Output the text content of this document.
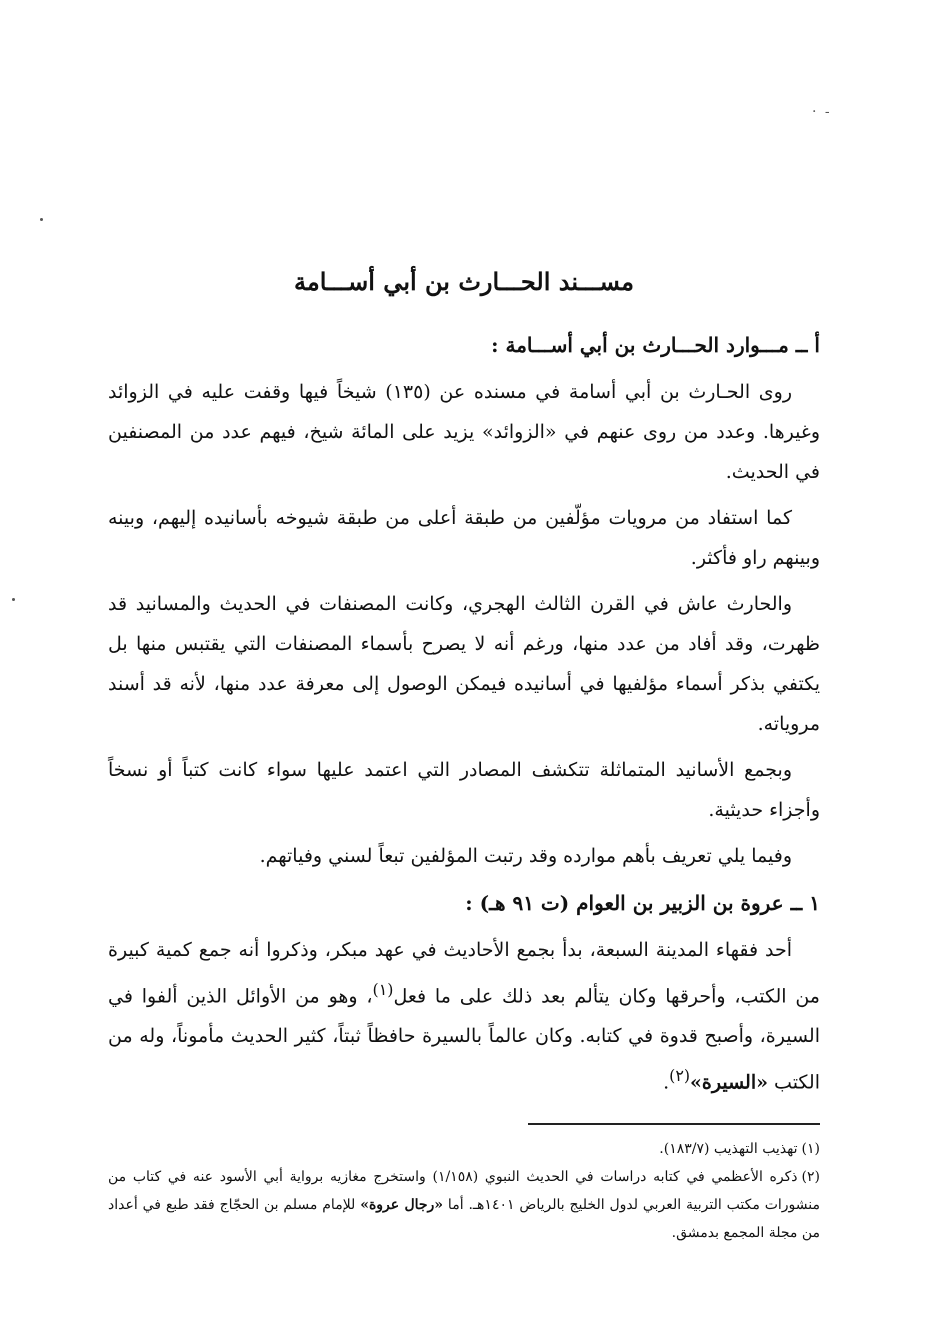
· -
مســـند الحـــارث بن أبي أســـامة
أ ــ مـــوارد الحـــارث بن أبي أســـامة :

روى الحـارث بن أبي أسامة في مسنده عن (١٣٥) شيخاً فيها وقفت عليه في الزوائد وغيرها. وعدد من روى عنهم في «الزوائد» يزيد على المائة شيخ، فيهم عدد من المصنفين في الحديث.

كما استفاد من مرويات مؤلّفين من طبقة أعلى من طبقة شيوخه بأسانيده إليهم، وبينه وبينهم راو فأكثر.

والحارث عاش في القرن الثالث الهجري، وكانت المصنفات في الحديث والمسانيد قد ظهرت، وقد أفاد من عدد منها، ورغم أنه لا يصرح بأسماء المصنفات التي يقتبس منها بل يكتفي بذكر أسماء مؤلفيها في أسانيده فيمكن الوصول إلى معرفة عدد منها، لأنه قد أسند مروياته.

وبجمع الأسانيد المتماثلة تتكشف المصادر التي اعتمد عليها سواء كانت كتباً أو نسخاً وأجزاء حديثية.

وفيما يلي تعريف بأهم موارده وقد رتبت المؤلفين تبعاً لسني وفياتهم.

١ ــ عروة بن الزبير بن العوام (ت ٩١ هـ) :

أحد فقهاء المدينة السبعة، بدأ بجمع الأحاديث في عهد مبكر، وذكروا أنه جمع كمية كبيرة من الكتب، وأحرقها وكان يتألم بعد ذلك على ما فعل$^{(١)}$، وهو من الأوائل الذين ألفوا في السيرة، وأصبح قدوة في كتابه. وكان عالماً بالسيرة حافظاً ثبتاً، كثير الحديث مأموناً، وله من الكتب «السيرة»$^{(٢)}$.

(١)تهذيب التهذيب (١٨٣/٧).

(٢)ذكره الأعظمي في كتابه دراسات في الحديث النبوي (١/١٥٨) واستخرج مغازيه برواية أبي الأسود عنه في كتاب من منشورات مكتب التربية العربي لدول الخليج بالرياض ١٤٠١هـ. أما «رجال عروة» للإمام مسلم بن الحجّاج فقد طبع في أعداد من مجلة المجمع بدمشق.
